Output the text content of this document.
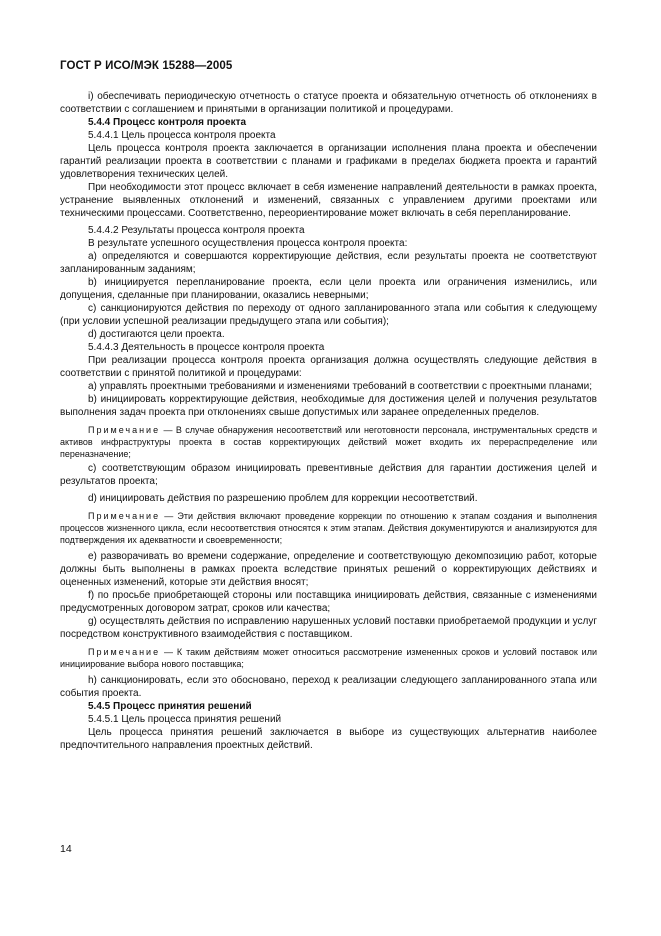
ГОСТ Р ИСО/МЭК 15288—2005

i) обеспечивать периодическую отчетность о статусе проекта и обязательную отчетность об отклонениях в соответствии с соглашением и принятыми в организации политикой и процедурами.

5.4.4 Процесс контроля проекта

5.4.4.1 Цель процесса контроля проекта

Цель процесса контроля проекта заключается в организации исполнения плана проекта и обеспечении гарантий реализации проекта в соответствии с планами и графиками в пределах бюджета проекта и гарантий удовлетворения технических целей.

При необходимости этот процесс включает в себя изменение направлений деятельности в рамках проекта, устранение выявленных отклонений и изменений, связанных с управлением другими проектами или техническими процессами. Соответственно, переориентирование может включать в себя перепланирование.

5.4.4.2 Результаты процесса контроля проекта

В результате успешного осуществления процесса контроля проекта:

а) определяются и совершаются корректирующие действия, если результаты проекта не соответствуют запланированным заданиям;

b) инициируется перепланирование проекта, если цели проекта или ограничения изменились, или допущения, сделанные при планировании, оказались неверными;

c) санкционируются действия по переходу от одного запланированного этапа или события к следующему (при условии успешной реализации предыдущего этапа или события);

d) достигаются цели проекта.

5.4.4.3 Деятельность в процессе контроля проекта

При реализации процесса контроля проекта организация должна осуществлять следующие действия в соответствии с принятой политикой и процедурами:

а) управлять проектными требованиями и изменениями требований в соответствии с проектными планами;

b) инициировать корректирующие действия, необходимые для достижения целей и получения результатов выполнения задач проекта при отклонениях свыше допустимых или заранее определенных пределов.

Примечание — В случае обнаружения несоответствий или неготовности персонала, инструментальных средств и активов инфраструктуры проекта в состав корректирующих действий может входить их перераспределение или переназначение;

c) соответствующим образом инициировать превентивные действия для гарантии достижения целей и результатов проекта;

d) инициировать действия по разрешению проблем для коррекции несоответствий.

Примечание — Эти действия включают проведение коррекции по отношению к этапам создания и выполнения процессов жизненного цикла, если несоответствия относятся к этим этапам. Действия документируются и анализируются для подтверждения их адекватности и своевременности;

e) разворачивать во времени содержание, определение и соответствующую декомпозицию работ, которые должны быть выполнены в рамках проекта вследствие принятых решений о корректирующих действиях и оцененных изменений, которые эти действия вносят;

f) по просьбе приобретающей стороны или поставщика инициировать действия, связанные с изменениями предусмотренных договором затрат, сроков или качества;

g) осуществлять действия по исправлению нарушенных условий поставки приобретаемой продукции и услуг посредством конструктивного взаимодействия с поставщиком.

Примечание — К таким действиям может относиться рассмотрение измененных сроков и условий поставок или инициирование выбора нового поставщика;

h) санкционировать, если это обосновано, переход к реализации следующего запланированного этапа или события проекта.

5.4.5 Процесс принятия решений

5.4.5.1 Цель процесса принятия решений

Цель процесса принятия решений заключается в выборе из существующих альтернатив наиболее предпочтительного направления проектных действий.

14
